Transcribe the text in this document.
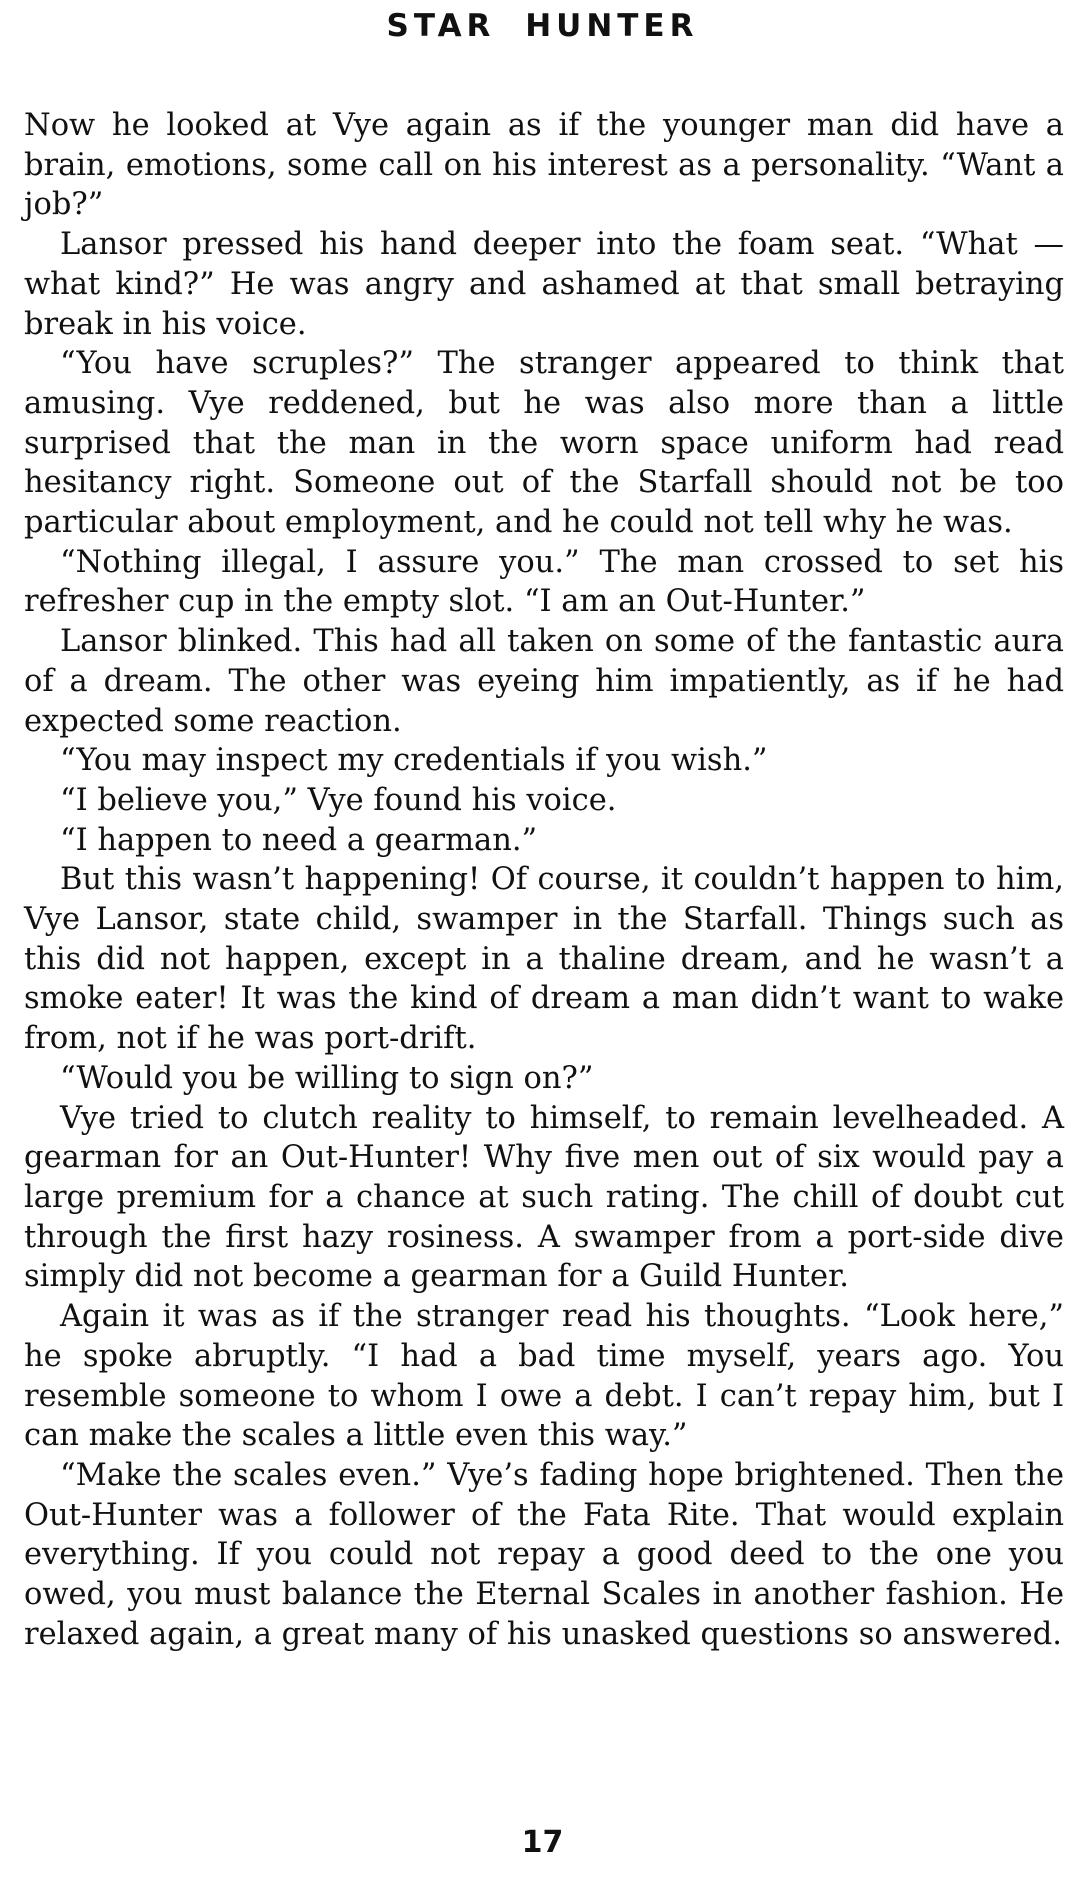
STAR HUNTER

Now he looked at Vye again as if the younger man did have a brain, emotions, some call on his interest as a personality. “Want a job?”

Lansor pressed his hand deeper into the foam seat. “What —what kind?” He was angry and ashamed at that small betraying break in his voice.

“You have scruples?” The stranger appeared to think that amusing. Vye reddened, but he was also more than a little surprised that the man in the worn space uniform had read hesitancy right. Someone out of the Starfall should not be too particular about employment, and he could not tell why he was.

“Nothing illegal, I assure you.” The man crossed to set his refresher cup in the empty slot. “I am an Out-Hunter.”

Lansor blinked. This had all taken on some of the fantastic aura of a dream. The other was eyeing him impatiently, as if he had expected some reaction.

“You may inspect my credentials if you wish.”

“I believe you,” Vye found his voice.

“I happen to need a gearman.”

But this wasn’t happening! Of course, it couldn’t happen to him, Vye Lansor, state child, swamper in the Starfall. Things such as this did not happen, except in a thaline dream, and he wasn’t a smoke eater! It was the kind of dream a man didn’t want to wake from, not if he was port-drift.

“Would you be willing to sign on?”

Vye tried to clutch reality to himself, to remain levelheaded. A gearman for an Out-Hunter! Why five men out of six would pay a large premium for a chance at such rating. The chill of doubt cut through the first hazy rosiness. A swamper from a port-side dive simply did not become a gearman for a Guild Hunter.

Again it was as if the stranger read his thoughts. “Look here,” he spoke abruptly. “I had a bad time myself, years ago. You resemble someone to whom I owe a debt. I can’t repay him, but I can make the scales a little even this way.”

“Make the scales even.” Vye’s fading hope brightened. Then the Out-Hunter was a follower of the Fata Rite. That would explain everything. If you could not repay a good deed to the one you owed, you must balance the Eternal Scales in another fashion. He relaxed again, a great many of his unasked questions so answered.

17
